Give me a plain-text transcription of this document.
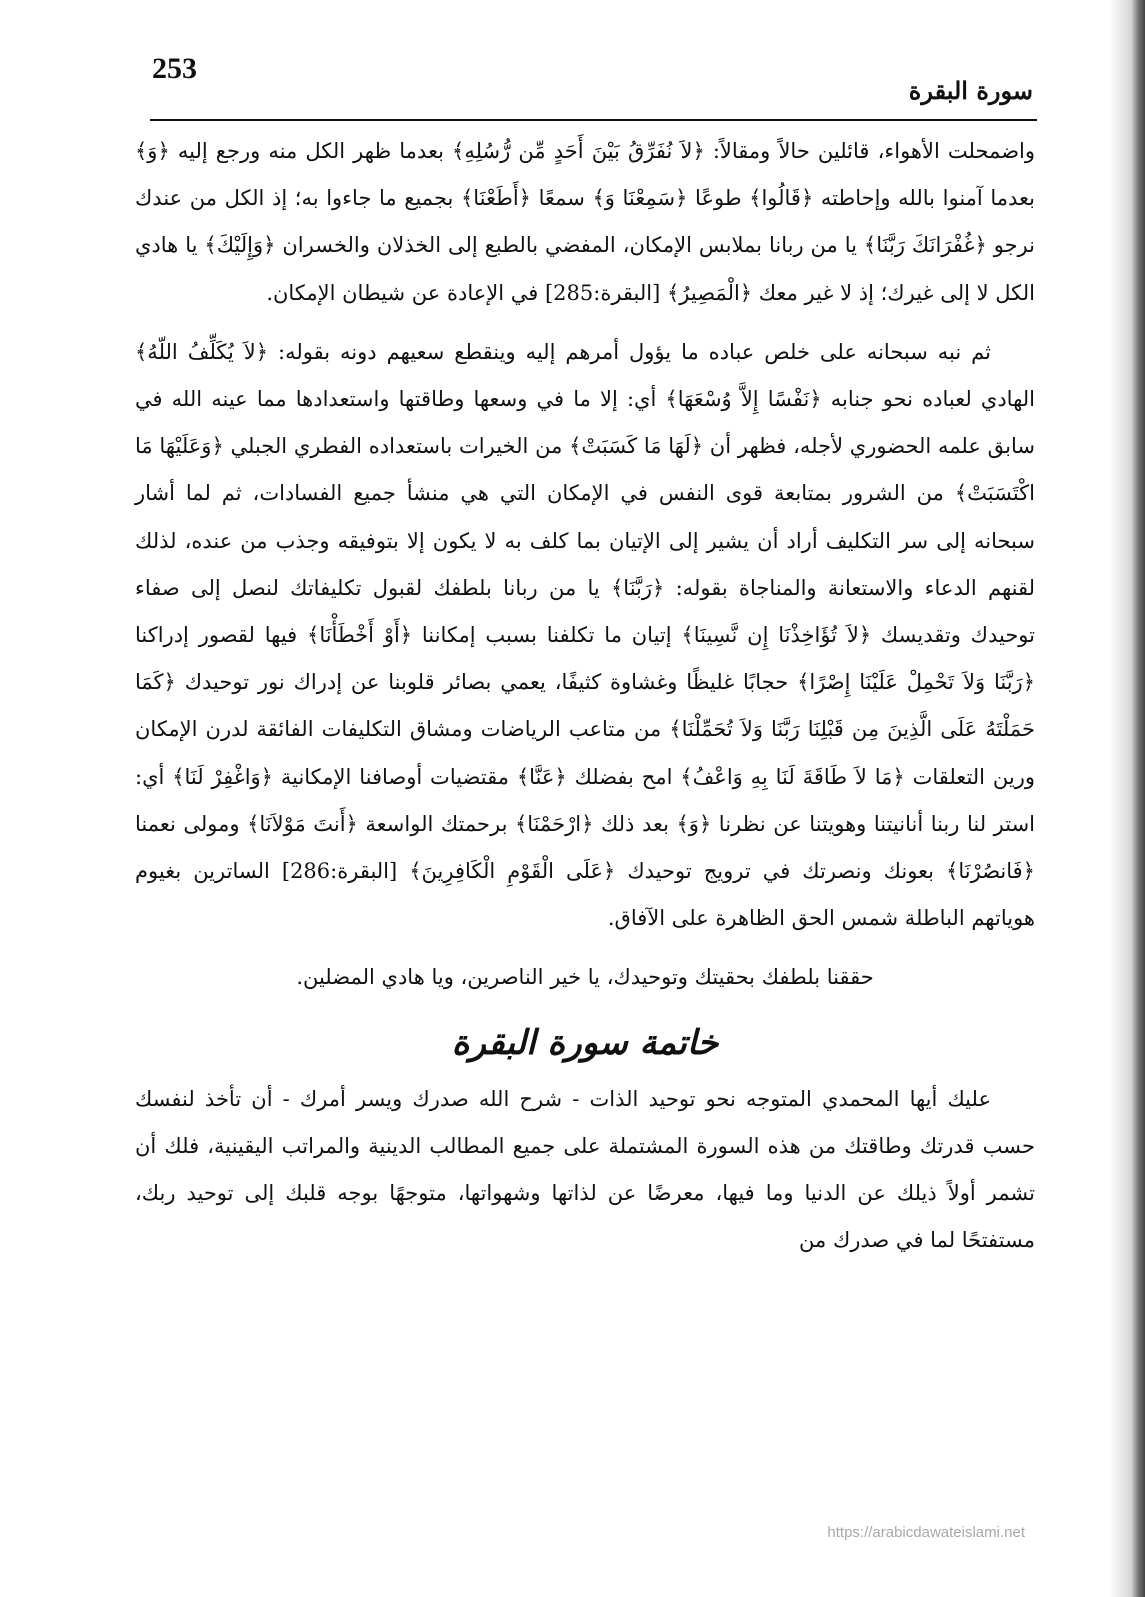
253
سورة البقرة

واضمحلت الأهواء، قائلين حالاً ومقالاً: ﴿لاَ نُفَرِّقُ بَيْنَ أَحَدٍ مِّن رُّسُلِهِ﴾ بعدما ظهر الكل منه ورجع إليه ﴿وَ﴾ بعدما آمنوا بالله وإحاطته ﴿قَالُوا﴾ طوعًا ﴿سَمِعْنَا وَ﴾ سمعًا ﴿أَطَعْنَا﴾ بجميع ما جاءوا به؛ إذ الكل من عندك نرجو ﴿غُفْرَانَكَ رَبَّنَا﴾ يا من ربانا بملابس الإمكان، المفضي بالطبع إلى الخذلان والخسران ﴿وَإِلَيْكَ﴾ يا هادي الكل لا إلى غيرك؛ إذ لا غير معك ﴿الْمَصِيرُ﴾ [البقرة:285] في الإعادة عن شيطان الإمكان.

ثم نبه سبحانه على خلص عباده ما يؤول أمرهم إليه وينقطع سعيهم دونه بقوله: ﴿لاَ يُكَلِّفُ اللّهُ﴾ الهادي لعباده نحو جنابه ﴿نَفْسًا إِلاَّ وُسْعَهَا﴾ أي: إلا ما في وسعها وطاقتها واستعدادها مما عينه الله في سابق علمه الحضوري لأجله، فظهر أن ﴿لَهَا مَا كَسَبَتْ﴾ من الخيرات باستعداده الفطري الجبلي ﴿وَعَلَيْهَا مَا اكْتَسَبَتْ﴾ من الشرور بمتابعة قوى النفس في الإمكان التي هي منشأ جميع الفسادات، ثم لما أشار سبحانه إلى سر التكليف أراد أن يشير إلى الإتيان بما كلف به لا يكون إلا بتوفيقه وجذب من عنده، لذلك لقنهم الدعاء والاستعانة والمناجاة بقوله: ﴿رَبَّنَا﴾ يا من ربانا بلطفك لقبول تكليفاتك لنصل إلى صفاء توحيدك وتقديسك ﴿لاَ تُؤَاخِذْنَا إِن نَّسِينَا﴾ إتيان ما تكلفنا بسبب إمكاننا ﴿أَوْ أَخْطَأْنَا﴾ فيها لقصور إدراكنا ﴿رَبَّنَا وَلاَ تَحْمِلْ عَلَيْنَا إِصْرًا﴾ حجابًا غليظًا وغشاوة كثيفًا، يعمي بصائر قلوبنا عن إدراك نور توحيدك ﴿كَمَا حَمَلْتَهُ عَلَى الَّذِينَ مِن قَبْلِنَا رَبَّنَا وَلاَ تُحَمِّلْنَا﴾ من متاعب الرياضات ومشاق التكليفات الفائقة لدرن الإمكان ورين التعلقات ﴿مَا لاَ طَاقَةَ لَنَا بِهِ وَاعْفُ﴾ امح بفضلك ﴿عَنَّا﴾ مقتضيات أوصافنا الإمكانية ﴿وَاغْفِرْ لَنَا﴾ أي: استر لنا ربنا أنانيتنا وهويتنا عن نظرنا ﴿وَ﴾ بعد ذلك ﴿ارْحَمْنَا﴾ برحمتك الواسعة ﴿أَنتَ مَوْلاَنَا﴾ ومولى نعمنا ﴿فَانصُرْنَا﴾ بعونك ونصرتك في ترويج توحيدك ﴿عَلَى الْقَوْمِ الْكَافِرِينَ﴾ [البقرة:286] الساترين بغيوم هوياتهم الباطلة شمس الحق الظاهرة على الآفاق.

حققنا بلطفك بحقيتك وتوحيدك، يا خير الناصرين، ويا هادي المضلين.

خاتمة سورة البقرة

عليك أيها المحمدي المتوجه نحو توحيد الذات - شرح الله صدرك ويسر أمرك - أن تأخذ لنفسك حسب قدرتك وطاقتك من هذه السورة المشتملة على جميع المطالب الدينية والمراتب اليقينية، فلك أن تشمر أولاً ذيلك عن الدنيا وما فيها، معرضًا عن لذاتها وشهواتها، متوجهًا بوجه قلبك إلى توحيد ربك، مستفتحًا لما في صدرك من

https://arabicdawateislami.net
